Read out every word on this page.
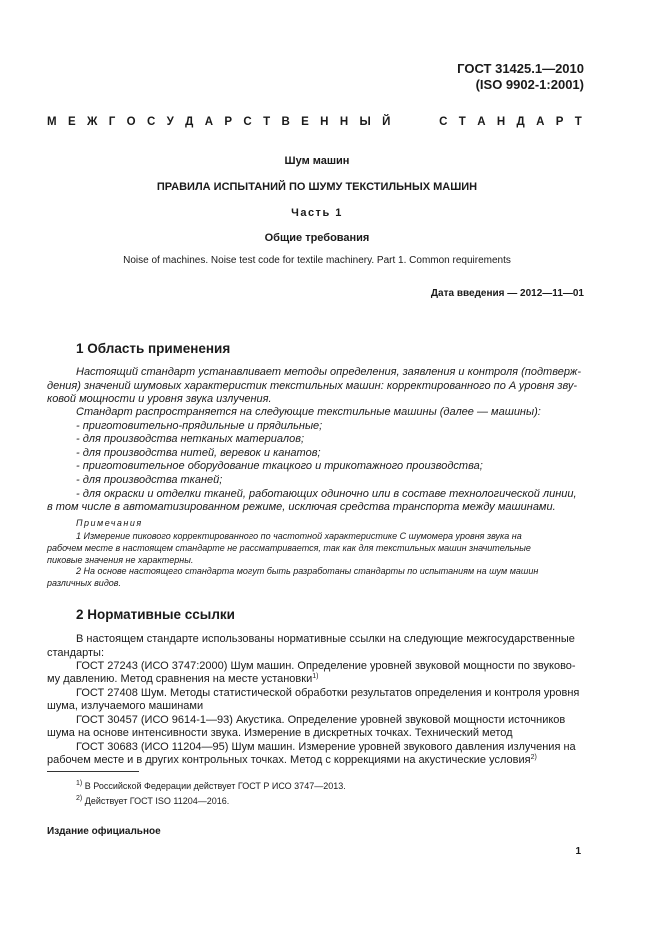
ГОСТ 31425.1—2010
(ISO 9902-1:2001)
М Е Ж Г О С У Д А Р С Т В Е Н Н Ы Й	С Т А Н Д А Р Т
Шум машин
ПРАВИЛА ИСПЫТАНИЙ ПО ШУМУ ТЕКСТИЛЬНЫХ МАШИН
Часть 1
Общие требования
Noise of machines. Noise test code for textile machinery. Part 1. Common requirements
Дата введения — 2012—11—01
1 Область применения
Настоящий стандарт устанавливает методы определения, заявления и контроля (подтверж-
дения) значений шумовых характеристик текстильных машин: корректированного по A уровня зву-
ковой мощности и уровня звука излучения.
Стандарт распространяется на следующие текстильные машины (далее — машины):
- приготовительно-прядильные и прядильные;
- для производства нетканых материалов;
- для производства нитей, веревок и канатов;
- приготовительное оборудование ткацкого и трикотажного производства;
- для производства тканей;
- для окраски и отделки тканей, работающих одиночно или в составе технологической линии,
в том числе в автоматизированном режиме, исключая средства транспорта между машинами.
Примечания
1 Измерение пикового корректированного по частотной характеристике C шумомера уровня звука на
рабочем месте в настоящем стандарте не рассматривается, так как для текстильных машин значительные
пиковые значения не характерны.
2 На основе настоящего стандарта могут быть разработаны стандарты по испытаниям на шум машин
различных видов.
2 Нормативные ссылки
В настоящем стандарте использованы нормативные ссылки на следующие межгосударственные
стандарты:
ГОСТ 27243 (ИСО 3747:2000) Шум машин. Определение уровней звуковой мощности по звуково-
му давлению. Метод сравнения на месте установки$^{1)}$
ГОСТ 27408 Шум. Методы статистической обработки результатов определения и контроля уровня
шума, излучаемого машинами
ГОСТ 30457 (ИСО 9614-1—93) Акустика. Определение уровней звуковой мощности источников
шума на основе интенсивности звука. Измерение в дискретных точках. Технический метод
ГОСТ 30683 (ИСО 11204—95) Шум машин. Измерение уровней звукового давления излучения на
рабочем месте и в других контрольных точках. Метод с коррекциями на акустические условия$^{2)}$
$^{1)}$ В Российской Федерации действует ГОСТ Р ИСО 3747—2013.
$^{2)}$ Действует ГОСТ ISO 11204—2016.
Издание официальное
1
